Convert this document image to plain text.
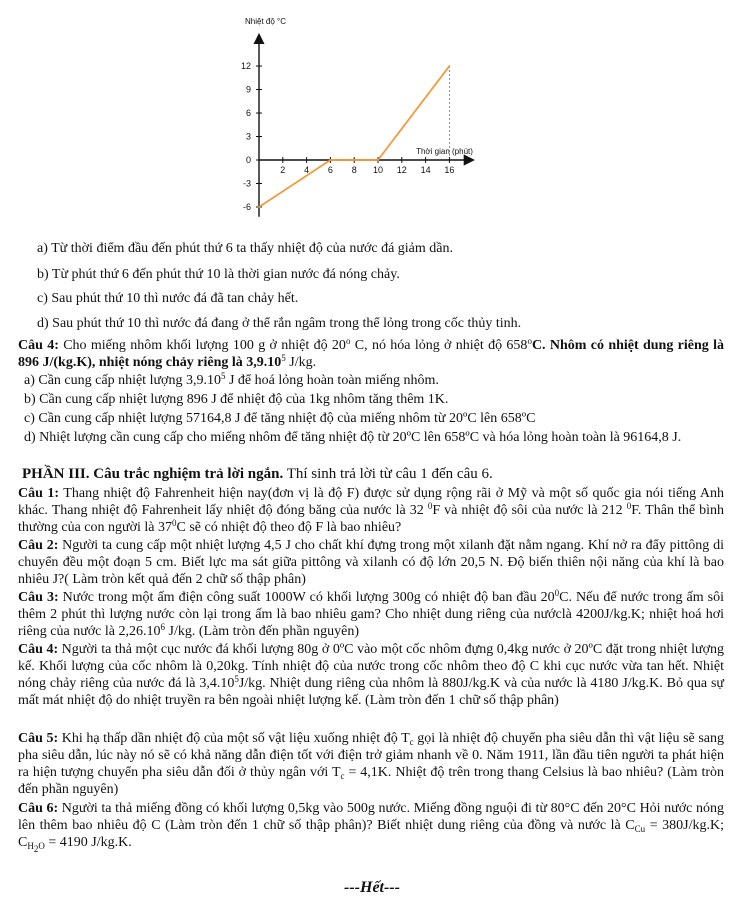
Nhiệt độ °C
Thời gian (phút)
2 4 6 8 10 12 14 16
12
9
6
3
0
-3
-6
a) Từ thời điểm đầu đến phút thứ 6 ta thấy nhiệt độ của nước đá giảm dần.
b) Từ phút thứ 6 đến phút thứ 10 là thời gian nước đá nóng chảy.
c) Sau phút thứ 10 thì nước đá đã tan chảy hết.
d) Sau phút thứ 10 thì nước đá đang ở thể rắn ngâm trong thể lỏng trong cốc thủy tinh.
Câu 4: Cho miếng nhôm khối lượng 100 g ở nhiệt độ 20$^o$ C, nó hóa lỏng ở nhiệt độ 658$^o$C. Nhôm có nhiệt dung riêng là 896 J/(kg.K), nhiệt nóng chảy riêng là 3,9.10$^5$ J/kg.
a) Cần cung cấp nhiệt lượng 3,9.10$^5$ J để hoá lỏng hoàn toàn miếng nhôm.
b) Cần cung cấp nhiệt lượng 896 J để nhiệt độ của 1kg nhôm tăng thêm 1K.
c) Cần cung cấp nhiệt lượng 57164,8 J để tăng nhiệt độ của miếng nhôm từ 20ºC lên 658ºC
d) Nhiệt lượng cần cung cấp cho miếng nhôm để tăng nhiệt độ từ 20ºC lên 658ºC và hóa lỏng hoàn toàn là 96164,8 J.
PHẦN III. Câu trắc nghiệm trả lời ngắn. Thí sinh trả lời từ câu 1 đến câu 6.
Câu 1: Thang nhiệt độ Fahrenheit hiện nay(đơn vị là độ F) được sử dụng rộng rãi ở Mỹ và một số quốc gia nói tiếng Anh khác. Thang nhiệt độ Fahrenheit lấy nhiệt độ đóng băng của nước là 32 $^0$F và nhiệt độ sôi của nước là 212 $^0$F. Thân thể bình thường của con người là $37^0C$ sẽ có nhiệt độ theo độ F là bao nhiêu?
Câu 2: Người ta cung cấp một nhiệt lượng 4,5 J cho chất khí đựng trong một xilanh đặt nằm ngang. Khí nở ra đẩy pittông di chuyển đều một đoạn 5 cm. Biết lực ma sát giữa pittông và xilanh có độ lớn 20,5 N. Độ biến thiên nội năng của khí là bao nhiêu J?( Làm tròn kết quả đến 2 chữ số thập phân)
Câu 3: Nước trong một ấm điện công suất 1000W có khối lượng 300g có nhiệt độ ban đầu $20^0C$. Nếu để nước trong ấm sôi thêm 2 phút thì lượng nước còn lại trong ấm là bao nhiêu gam? Cho nhiệt dung riêng của nướclà 4200J/kg.K; nhiệt hoá hơi riêng của nước là 2,26.10$^6$ J/kg. (Làm tròn đến phần nguyên)
Câu 4: Người ta thả một cục nước đá khối lượng 80g ở 0ºC vào một cốc nhôm đựng 0,4kg nước ở 20ºC đặt trong nhiệt lượng kế. Khối lượng của cốc nhôm là 0,20kg. Tính nhiệt độ của nước trong cốc nhôm theo độ C khi cục nước vừa tan hết. Nhiệt nóng chảy riêng của nước đá là 3,4.10$^5$J/kg. Nhiệt dung riêng của nhôm là 880J/kg.K và của nước là 4180 J/kg.K. Bỏ qua sự mất mát nhiệt độ do nhiệt truyền ra bên ngoài nhiệt lượng kế. (Làm tròn đến 1 chữ số thập phân)
Câu 5: Khi hạ thấp dần nhiệt độ của một số vật liệu xuống nhiệt độ $T_c$ gọi là nhiệt độ chuyển pha siêu dẫn thì vật liệu sẽ sang pha siêu dẫn, lúc này nó sẽ có khả năng dẫn điện tốt với điện trở giảm nhanh về 0. Năm 1911, lần đầu tiên người ta phát hiện ra hiện tượng chuyển pha siêu dẫn đối ở thủy ngân với $T_c = 4,1K$. Nhiệt độ trên trong thang Celsius là bao nhiêu? (Làm tròn đến phần nguyên)
Câu 6: Người ta thả miếng đồng có khối lượng 0,5kg vào 500g nước. Miếng đồng nguội đi từ 80°C đến 20°C Hỏi nước nóng lên thêm bao nhiêu độ C (Làm tròn đến 1 chữ số thập phân)? Biết nhiệt dung riêng của đồng và nước là $C_{Cu} = 380J/kg.K$; $C_{H_2O} = 4190$ J/kg.K.
---Hết---
